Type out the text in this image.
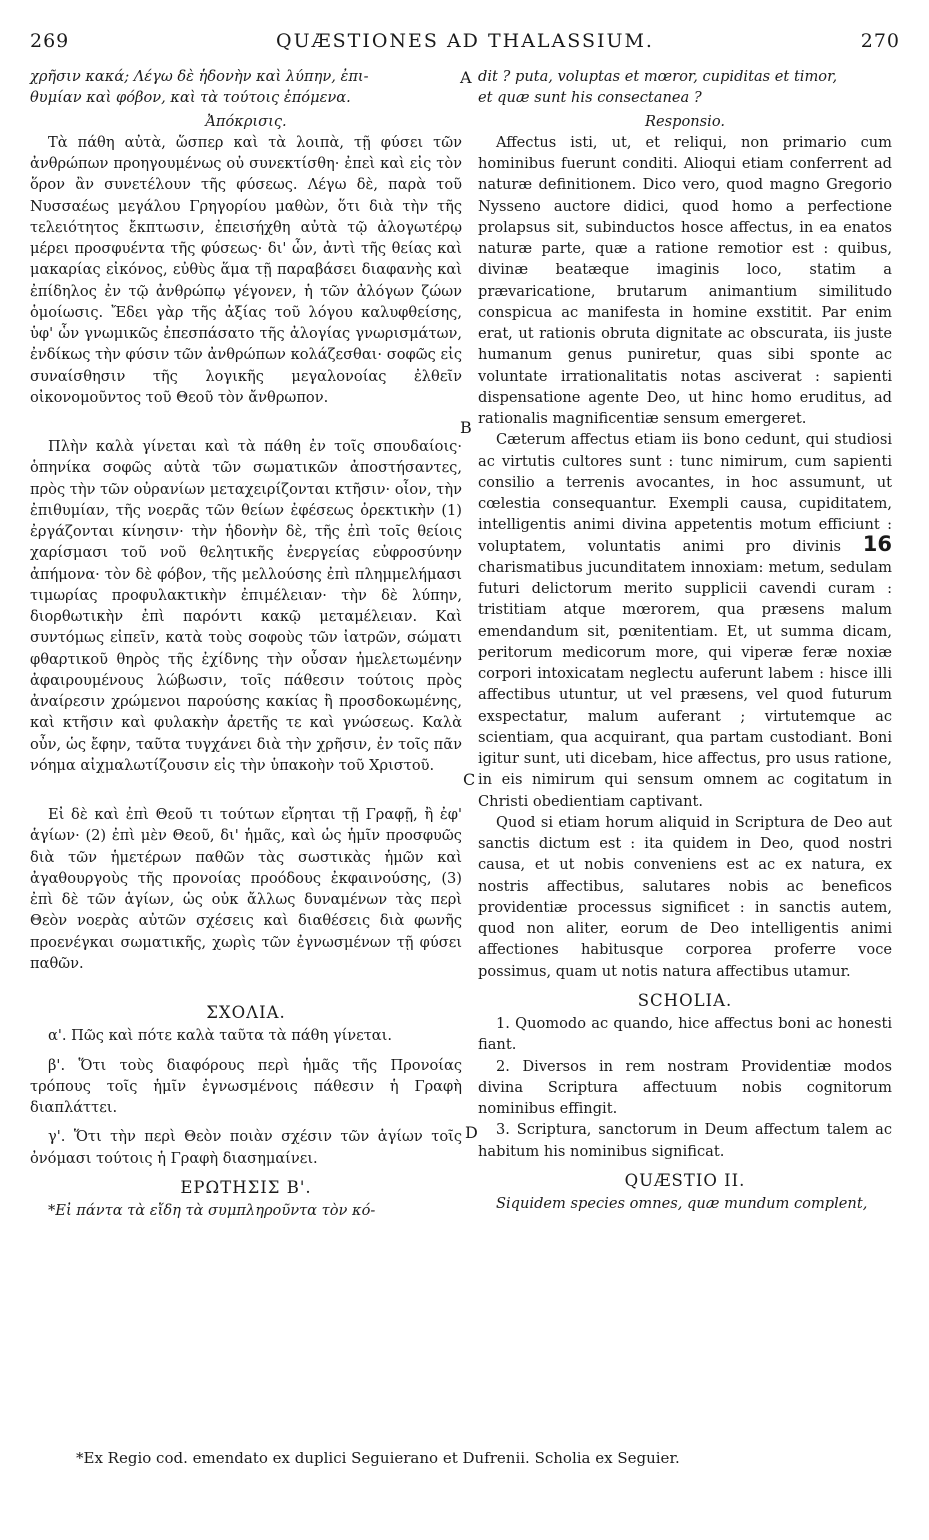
269	QUÆSTIONES AD THALASSIUM.	270

χρῆσιν κακά; Λέγω δὲ ἡδονὴν καὶ λύπην, ἐπι-

θυμίαν καὶ φόβον, καὶ τὰ τούτοις ἑπόμενα.

Ἀπόκρισις.

Τὰ πάθη αὐτὰ, ὥσπερ καὶ τὰ λοιπὰ, τῇ φύσει τῶν ἀνθρώπων προηγουμένως οὐ συνεκτίσθη· ἐπεὶ καὶ εἰς τὸν ὅρον ἂν συνετέλουν τῆς φύσεως. Λέγω δὲ, παρὰ τοῦ Νυσσαέως μεγάλου Γρηγορίου μαθὼν, ὅτι διὰ τὴν τῆς τελειότητος ἔκπτωσιν, ἐπεισήχθη αὐτὰ τῷ ἀλογωτέρῳ μέρει προσφυέντα τῆς φύσεως· δι' ὧν, ἀντὶ τῆς θείας καὶ μακαρίας εἰκόνος, εὐθὺς ἅμα τῇ παραβάσει διαφανὴς καὶ ἐπίδηλος ἐν τῷ ἀνθρώπῳ γέγονεν, ἡ τῶν ἀλόγων ζώων ὁμοίωσις. Ἔδει γὰρ τῆς ἀξίας τοῦ λόγου καλυφθείσης, ὑφ' ὧν γνωμικῶς ἐπεσπάσατο τῆς ἀλογίας γνωρισμάτων, ἐνδίκως τὴν φύσιν τῶν ἀνθρώπων κολάζεσθαι· σοφῶς εἰς συναίσθησιν τῆς λογικῆς μεγαλονοίας ἐλθεῖν οἰκονομοῦντος τοῦ Θεοῦ τὸν ἄνθρωπον.

Πλὴν καλὰ γίνεται καὶ τὰ πάθη ἐν τοῖς σπουδαίοις· ὁπηνίκα σοφῶς αὐτὰ τῶν σωματικῶν ἀποστήσαντες, πρὸς τὴν τῶν οὐρανίων μεταχειρίζονται κτῆσιν· οἷον, τὴν ἐπιθυμίαν, τῆς νοερᾶς τῶν θείων ἐφέσεως ὀρεκτικὴν (1) ἐργάζονται κίνησιν· τὴν ἡδονὴν δὲ, τῆς ἐπὶ τοῖς θείοις χαρίσμασι τοῦ νοῦ θελητικῆς ἐνεργείας εὐφροσύνην ἀπήμονα· τὸν δὲ φόβον, τῆς μελλούσης ἐπὶ πλημμελήμασι τιμωρίας προφυλακτικὴν ἐπιμέλειαν· τὴν δὲ λύπην, διορθωτικὴν ἐπὶ παρόντι κακῷ μεταμέλειαν. Καὶ συντόμως εἰπεῖν, κατὰ τοὺς σοφοὺς τῶν ἰατρῶν, σώματι φθαρτικοῦ θηρὸς τῆς ἐχίδνης τὴν οὖσαν ἠμελετωμένην ἀφαιρουμένους λώβωσιν, τοῖς πάθεσιν τούτοις πρὸς ἀναίρεσιν χρώμενοι παρούσης κακίας ἢ προσδοκωμένης, καὶ κτῆσιν καὶ φυλακὴν ἀρετῆς τε καὶ γνώσεως. Καλὰ οὖν, ὡς ἔφην, ταῦτα τυγχάνει διὰ τὴν χρῆσιν, ἐν τοῖς πᾶν νόημα αἰχμαλωτίζουσιν εἰς τὴν ὑπακοὴν τοῦ Χριστοῦ.

Εἰ δὲ καὶ ἐπὶ Θεοῦ τι τούτων εἴρηται τῇ Γραφῇ, ἢ ἐφ' ἁγίων· (2) ἐπὶ μὲν Θεοῦ, δι' ἡμᾶς, καὶ ὡς ἡμῖν προσφυῶς διὰ τῶν ἡμετέρων παθῶν τὰς σωστικὰς ἡμῶν καὶ ἀγαθουργοὺς τῆς προνοίας προόδους ἐκφαινούσης, (3) ἐπὶ δὲ τῶν ἁγίων, ὡς οὐκ ἄλλως δυναμένων τὰς περὶ Θεὸν νοερὰς αὐτῶν σχέσεις καὶ διαθέσεις διὰ φωνῆς προενέγκαι σωματικῆς, χωρὶς τῶν ἐγνωσμένων τῇ φύσει παθῶν.

ΣΧΟΛΙΑ.

α'. Πῶς καὶ πότε καλὰ ταῦτα τὰ πάθη γίνεται.

β'. Ὅτι τοὺς διαφόρους περὶ ἡμᾶς τῆς Προνοίας τρόπους τοῖς ἡμῖν ἐγνωσμένοις πάθεσιν ἡ Γραφὴ διαπλάττει.

γ'. Ὅτι τὴν περὶ Θεὸν ποιὰν σχέσιν τῶν ἁγίων τοῖς ὀνόμασι τούτοις ἡ Γραφὴ διασημαίνει.

ΕΡΩΤΗΣΙΣ Β'.

*Εἰ πάντα τὰ εἴδη τὰ συμπληροῦντα τὸν κό-

dit ? puta, voluptas et mœror, cupiditas et timor,

et quæ sunt his consectanea ?

Responsio.

Affectus isti, ut, et reliqui, non primario cum hominibus fuerunt conditi. Alioqui etiam conferrent ad naturæ definitionem. Dico vero, quod magno Gregorio Nysseno auctore didici, quod homo a perfectione prolapsus sit, subinductos hosce affectus, in ea enatos naturæ parte, quæ a ratione remotior est : quibus, divinæ beatæque imaginis loco, statim a prævaricatione, brutarum animantium similitudo conspicua ac manifesta in homine exstitit. Par enim erat, ut rationis obruta dignitate ac obscurata, iis juste humanum genus puniretur, quas sibi sponte ac voluntate irrationalitatis notas asciverat : sapienti dispensatione agente Deo, ut hinc homo eruditus, ad rationalis magnificentiæ sensum emergeret.

Cæterum affectus etiam iis bono cedunt, qui studiosi ac virtutis cultores sunt : tunc nimirum, cum sapienti consilio a terrenis avocantes, in hoc assumunt, ut cœlestia consequantur. Exempli causa, cupiditatem, intelligentis animi divina appetentis motum efficiunt : voluptatem, voluntatis animi pro divinis 16 charismatibus jucunditatem innoxiam: metum, sedulam futuri delictorum merito supplicii cavendi curam : tristitiam atque mœrorem, qua præsens malum emendandum sit, pœnitentiam. Et, ut summa dicam, peritorum medicorum more, qui viperæ feræ noxiæ corpori intoxicatam neglectu auferunt labem : hisce illi affectibus utuntur, ut vel præsens, vel quod futurum exspectatur, malum auferant ; virtutemque ac scientiam, qua acquirant, qua partam custodiant. Boni igitur sunt, uti dicebam, hice affectus, pro usus ratione, in eis nimirum qui sensum omnem ac cogitatum in Christi obedientiam captivant.

Quod si etiam horum aliquid in Scriptura de Deo aut sanctis dictum est : ita quidem in Deo, quod nostri causa, et ut nobis conveniens est ac ex natura, ex nostris affectibus, salutares nobis ac beneficos providentiæ processus significet : in sanctis autem, quod non aliter, eorum de Deo intelligentis animi affectiones habitusque corporea proferre voce possimus, quam ut notis natura affectibus utamur.

SCHOLIA.

1. Quomodo ac quando, hice affectus boni ac honesti fiant.

2. Diversos in rem nostram Providentiæ modos divina Scriptura affectuum nobis cognitorum nominibus effingit.

3. Scriptura, sanctorum in Deum affectum talem ac habitum his nominibus significat.

QUÆSTIO II.

Siquidem species omnes, quæ mundum complent,

A
B
C
D
*Ex Regio cod. emendato ex duplici Seguierano et Dufrenii. Scholia ex Seguier.
